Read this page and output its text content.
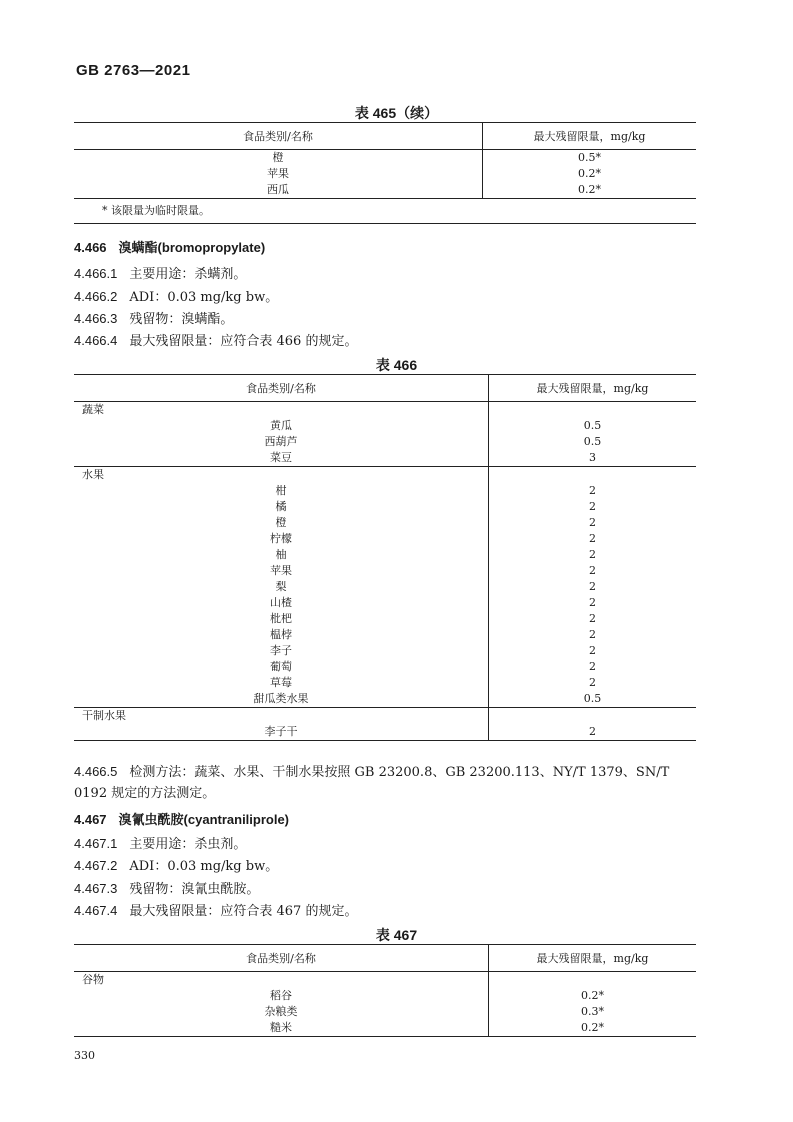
GB 2763—2021
表 465（续）
食品类别/名称	最大残留限量，mg/kg
橙	0.5*
苹果	0.2*
西瓜	0.2*
* 该限量为临时限量。	
4.466 溴螨酯(bromopropylate)
4.466.1 主要用途：杀螨剂。
4.466.2 ADI：0.03 mg/kg bw。
4.466.3 残留物：溴螨酯。
4.466.4 最大残留限量：应符合表 466 的规定。
表 466
食品类别/名称	最大残留限量，mg/kg
蔬菜	
黄瓜	0.5
西葫芦	0.5
菜豆	3
水果	
柑	2
橘	2
橙	2
柠檬	2
柚	2
苹果	2
梨	2
山楂	2
枇杷	2
榅桲	2
李子	2
葡萄	2
草莓	2
甜瓜类水果	0.5
干制水果	
李子干	2
4.466.5 检测方法：蔬菜、水果、干制水果按照 GB 23200.8、GB 23200.113、NY/T 1379、SN/T 0192 规定的方法测定。
4.467 溴氰虫酰胺(cyantraniliprole)
4.467.1 主要用途：杀虫剂。
4.467.2 ADI：0.03 mg/kg bw。
4.467.3 残留物：溴氰虫酰胺。
4.467.4 最大残留限量：应符合表 467 的规定。
表 467
食品类别/名称	最大残留限量，mg/kg
谷物	
稻谷	0.2*
杂粮类	0.3*
糙米	0.2*
330
